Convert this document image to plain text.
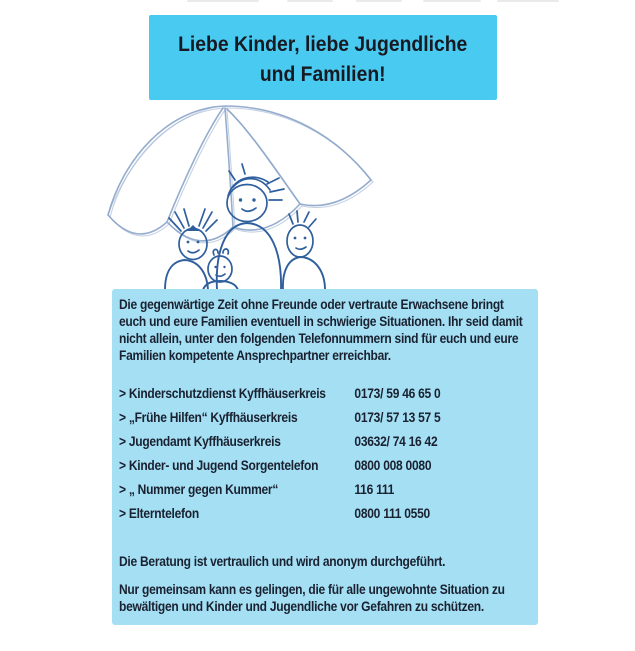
Liebe Kinder, liebe Jugendliche
und Familien!

Die gegenwärtige Zeit ohne Freunde oder vertraute Erwachsene bringt euch und eure Familien eventuell in schwierige Situationen. Ihr seid damit nicht allein, unter den folgenden Telefonnummern sind für euch und eure Familien kompetente Ansprechpartner erreichbar.

> Kinderschutzdienst Kyffhäuserkreis	0173/ 59 46 65 0
> „Frühe Hilfen“ Kyffhäuserkreis	0173/ 57 13 57 5
> Jugendamt Kyffhäuserkreis	03632/ 74 16 42
> Kinder- und Jugend Sorgentelefon	0800 008 0080
> „ Nummer gegen Kummer“	116 111
> Elterntelefon	0800 111 0550

Die Beratung ist vertraulich und wird anonym durchgeführt.

Nur gemeinsam kann es gelingen, die für alle ungewohnte Situation zu bewältigen und Kinder und Jugendliche vor Gefahren zu schützen.
